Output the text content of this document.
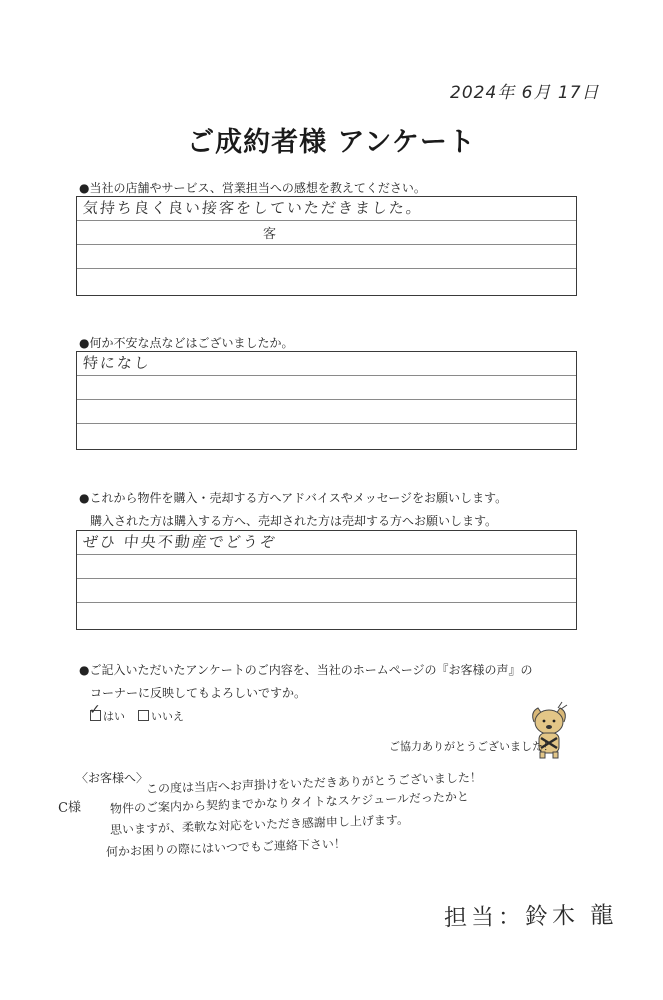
2024年 6月 17日
ご成約者様 アンケート
●当社の店舗やサービス、営業担当への感想を教えてください。
気持ち良く良い接客をしていただきました。
客
●何か不安な点などはございましたか。
特になし
●これから物件を購入・売却する方へアドバイスやメッセージをお願いします。
購入された方は購入する方へ、売却された方は売却する方へお願いします。
ぜひ 中央不動産でどうぞ
●ご記入いただいたアンケートのご内容を、当社のホームページの『お客様の声』の
コーナーに反映してもよろしいですか。
✓ はい	いいえ
ご協力ありがとうございました！
〈お客様へ〉
C様
この度は当店へお声掛けをいただきありがとうございました！
物件のご案内から契約までかなりタイトなスケジュールだったかと
思いますが、柔軟な対応をいただき感謝申し上げます。
何かお困りの際にはいつでもご連絡下さい！
担当：鈴木 龍
